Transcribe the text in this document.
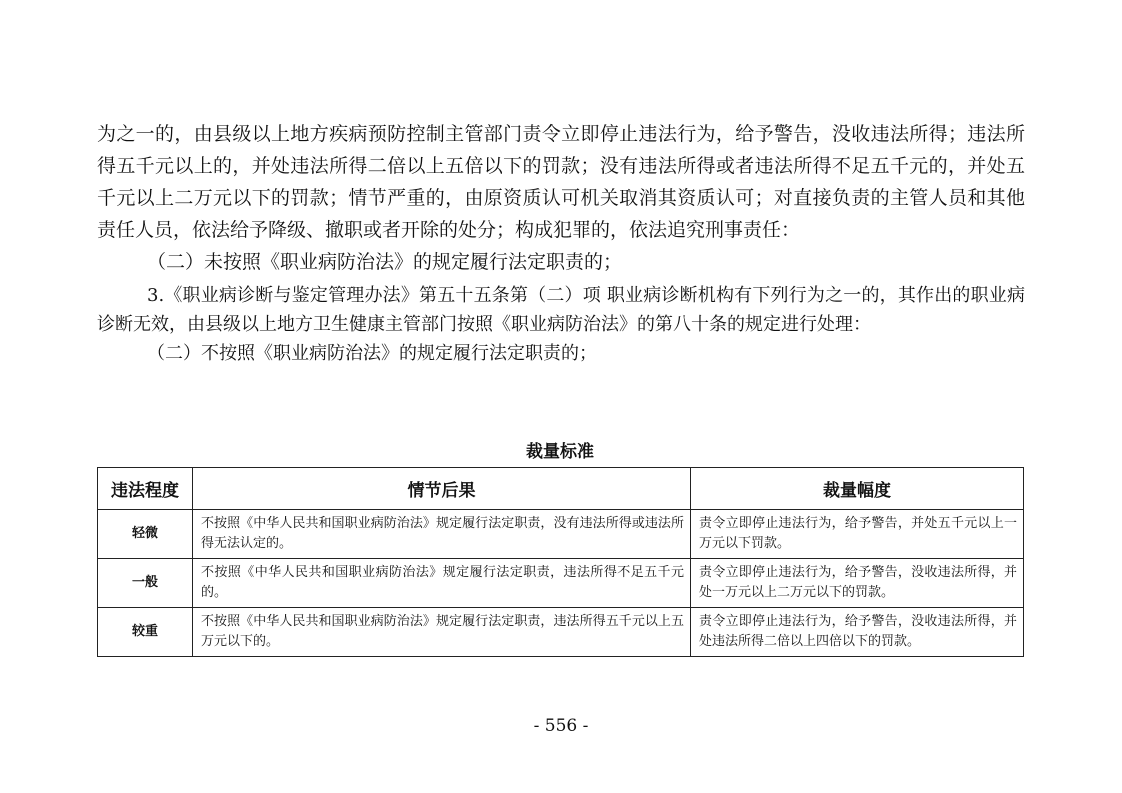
为之一的，由县级以上地方疾病预防控制主管部门责令立即停止违法行为，给予警告，没收违法所得；违法所得五千元以上的，并处违法所得二倍以上五倍以下的罚款；没有违法所得或者违法所得不足五千元的，并处五千元以上二万元以下的罚款；情节严重的，由原资质认可机关取消其资质认可；对直接负责的主管人员和其他责任人员，依法给予降级、撤职或者开除的处分；构成犯罪的，依法追究刑事责任：

（二）未按照《职业病防治法》的规定履行法定职责的；

3.《职业病诊断与鉴定管理办法》第五十五条第（二）项 职业病诊断机构有下列行为之一的，其作出的职业病诊断无效，由县级以上地方卫生健康主管部门按照《职业病防治法》的第八十条的规定进行处理：

（二）不按照《职业病防治法》的规定履行法定职责的；

裁量标准
违法程度	情节后果	裁量幅度
轻微	不按照《中华人民共和国职业病防治法》规定履行法定职责，没有违法所得或违法所得无法认定的。	责令立即停止违法行为，给予警告，并处五千元以上一万元以下罚款。
一般	不按照《中华人民共和国职业病防治法》规定履行法定职责，违法所得不足五千元的。	责令立即停止违法行为，给予警告，没收违法所得，并处一万元以上二万元以下的罚款。
较重	不按照《中华人民共和国职业病防治法》规定履行法定职责，违法所得五千元以上五万元以下的。	责令立即停止违法行为，给予警告，没收违法所得，并处违法所得二倍以上四倍以下的罚款。
- 556 -
